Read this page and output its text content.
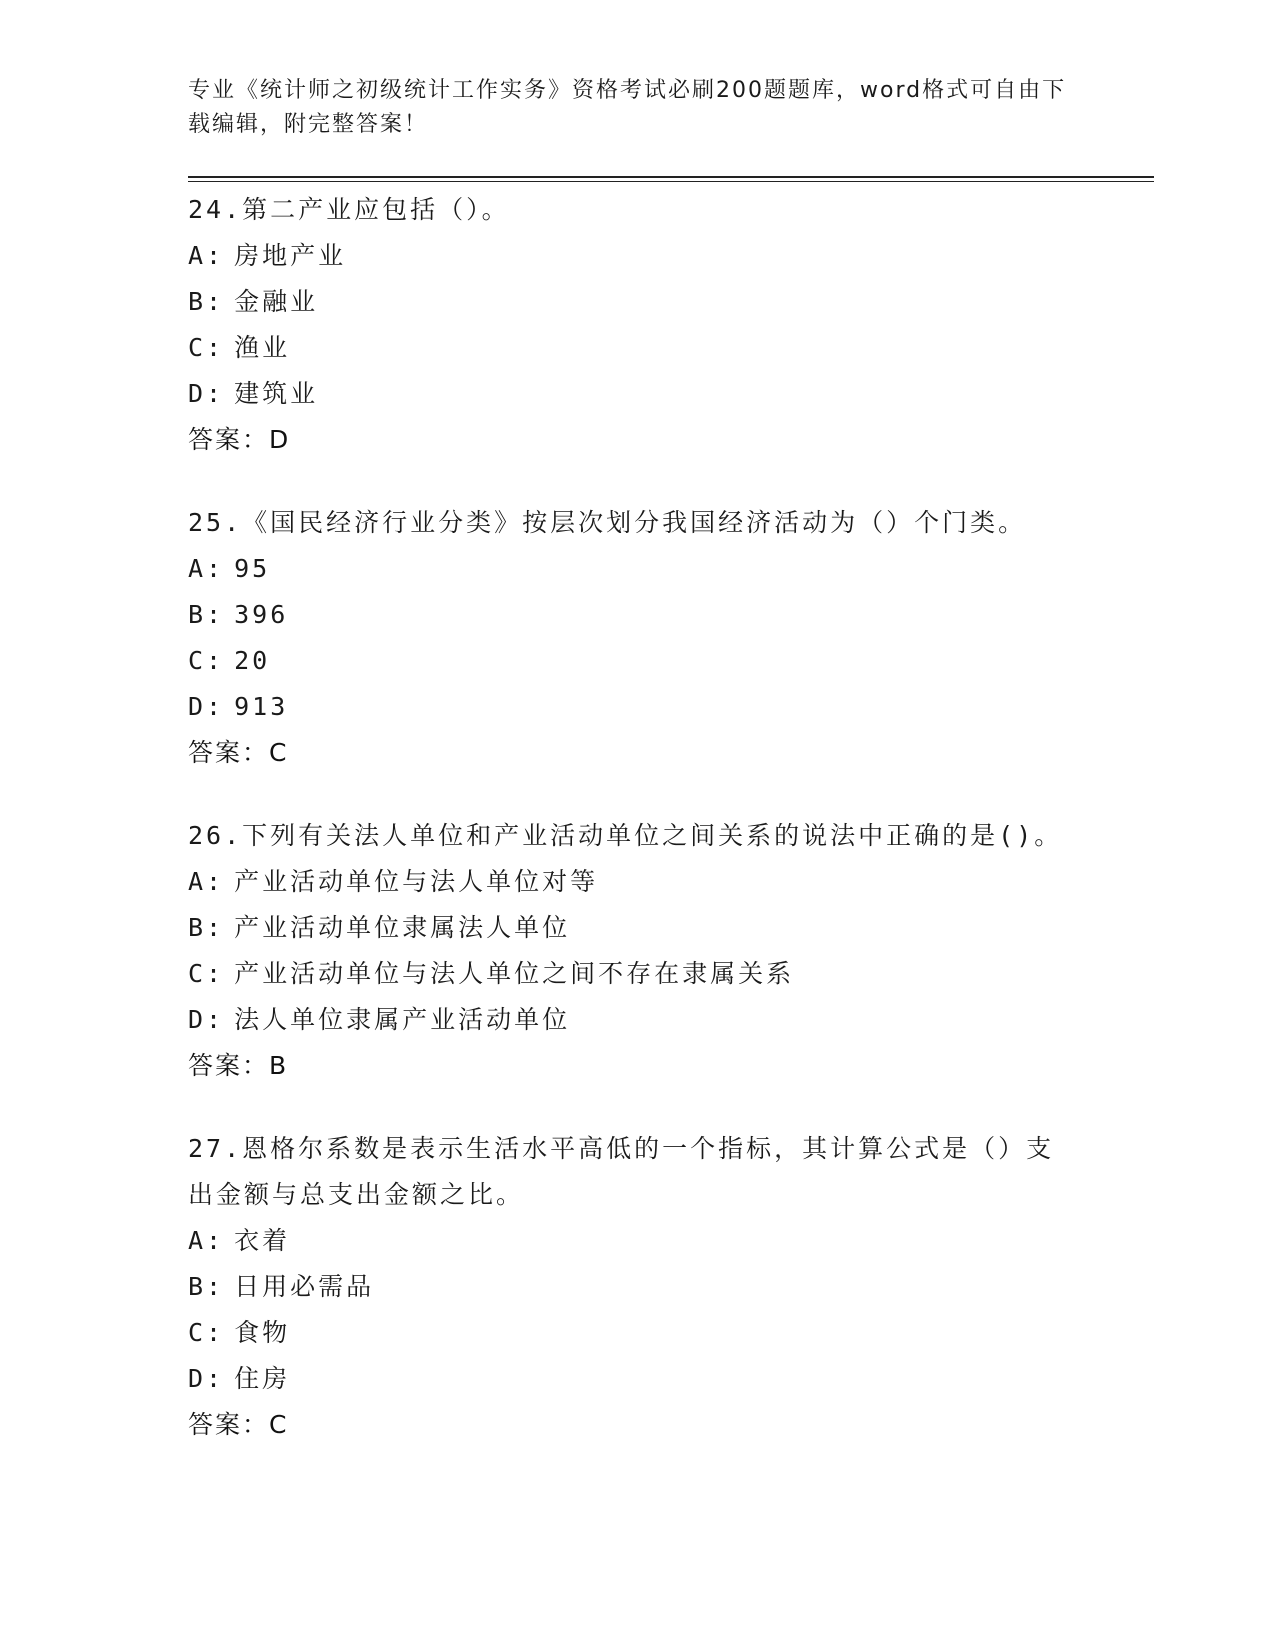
专业《统计师之初级统计工作实务》资格考试必刷200题题库，word格式可自由下载编辑，附完整答案！
24.第二产业应包括（）。
A: 房地产业
B: 金融业
C: 渔业
D: 建筑业
答案：D
25.《国民经济行业分类》按层次划分我国经济活动为（）个门类。
A: 95
B: 396
C: 20
D: 913
答案：C
26.下列有关法人单位和产业活动单位之间关系的说法中正确的是()。
A: 产业活动单位与法人单位对等
B: 产业活动单位隶属法人单位
C: 产业活动单位与法人单位之间不存在隶属关系
D: 法人单位隶属产业活动单位
答案：B
27.恩格尔系数是表示生活水平高低的一个指标，其计算公式是（）支出金额与总支出金额之比。
A: 衣着
B: 日用必需品
C: 食物
D: 住房
答案：C
